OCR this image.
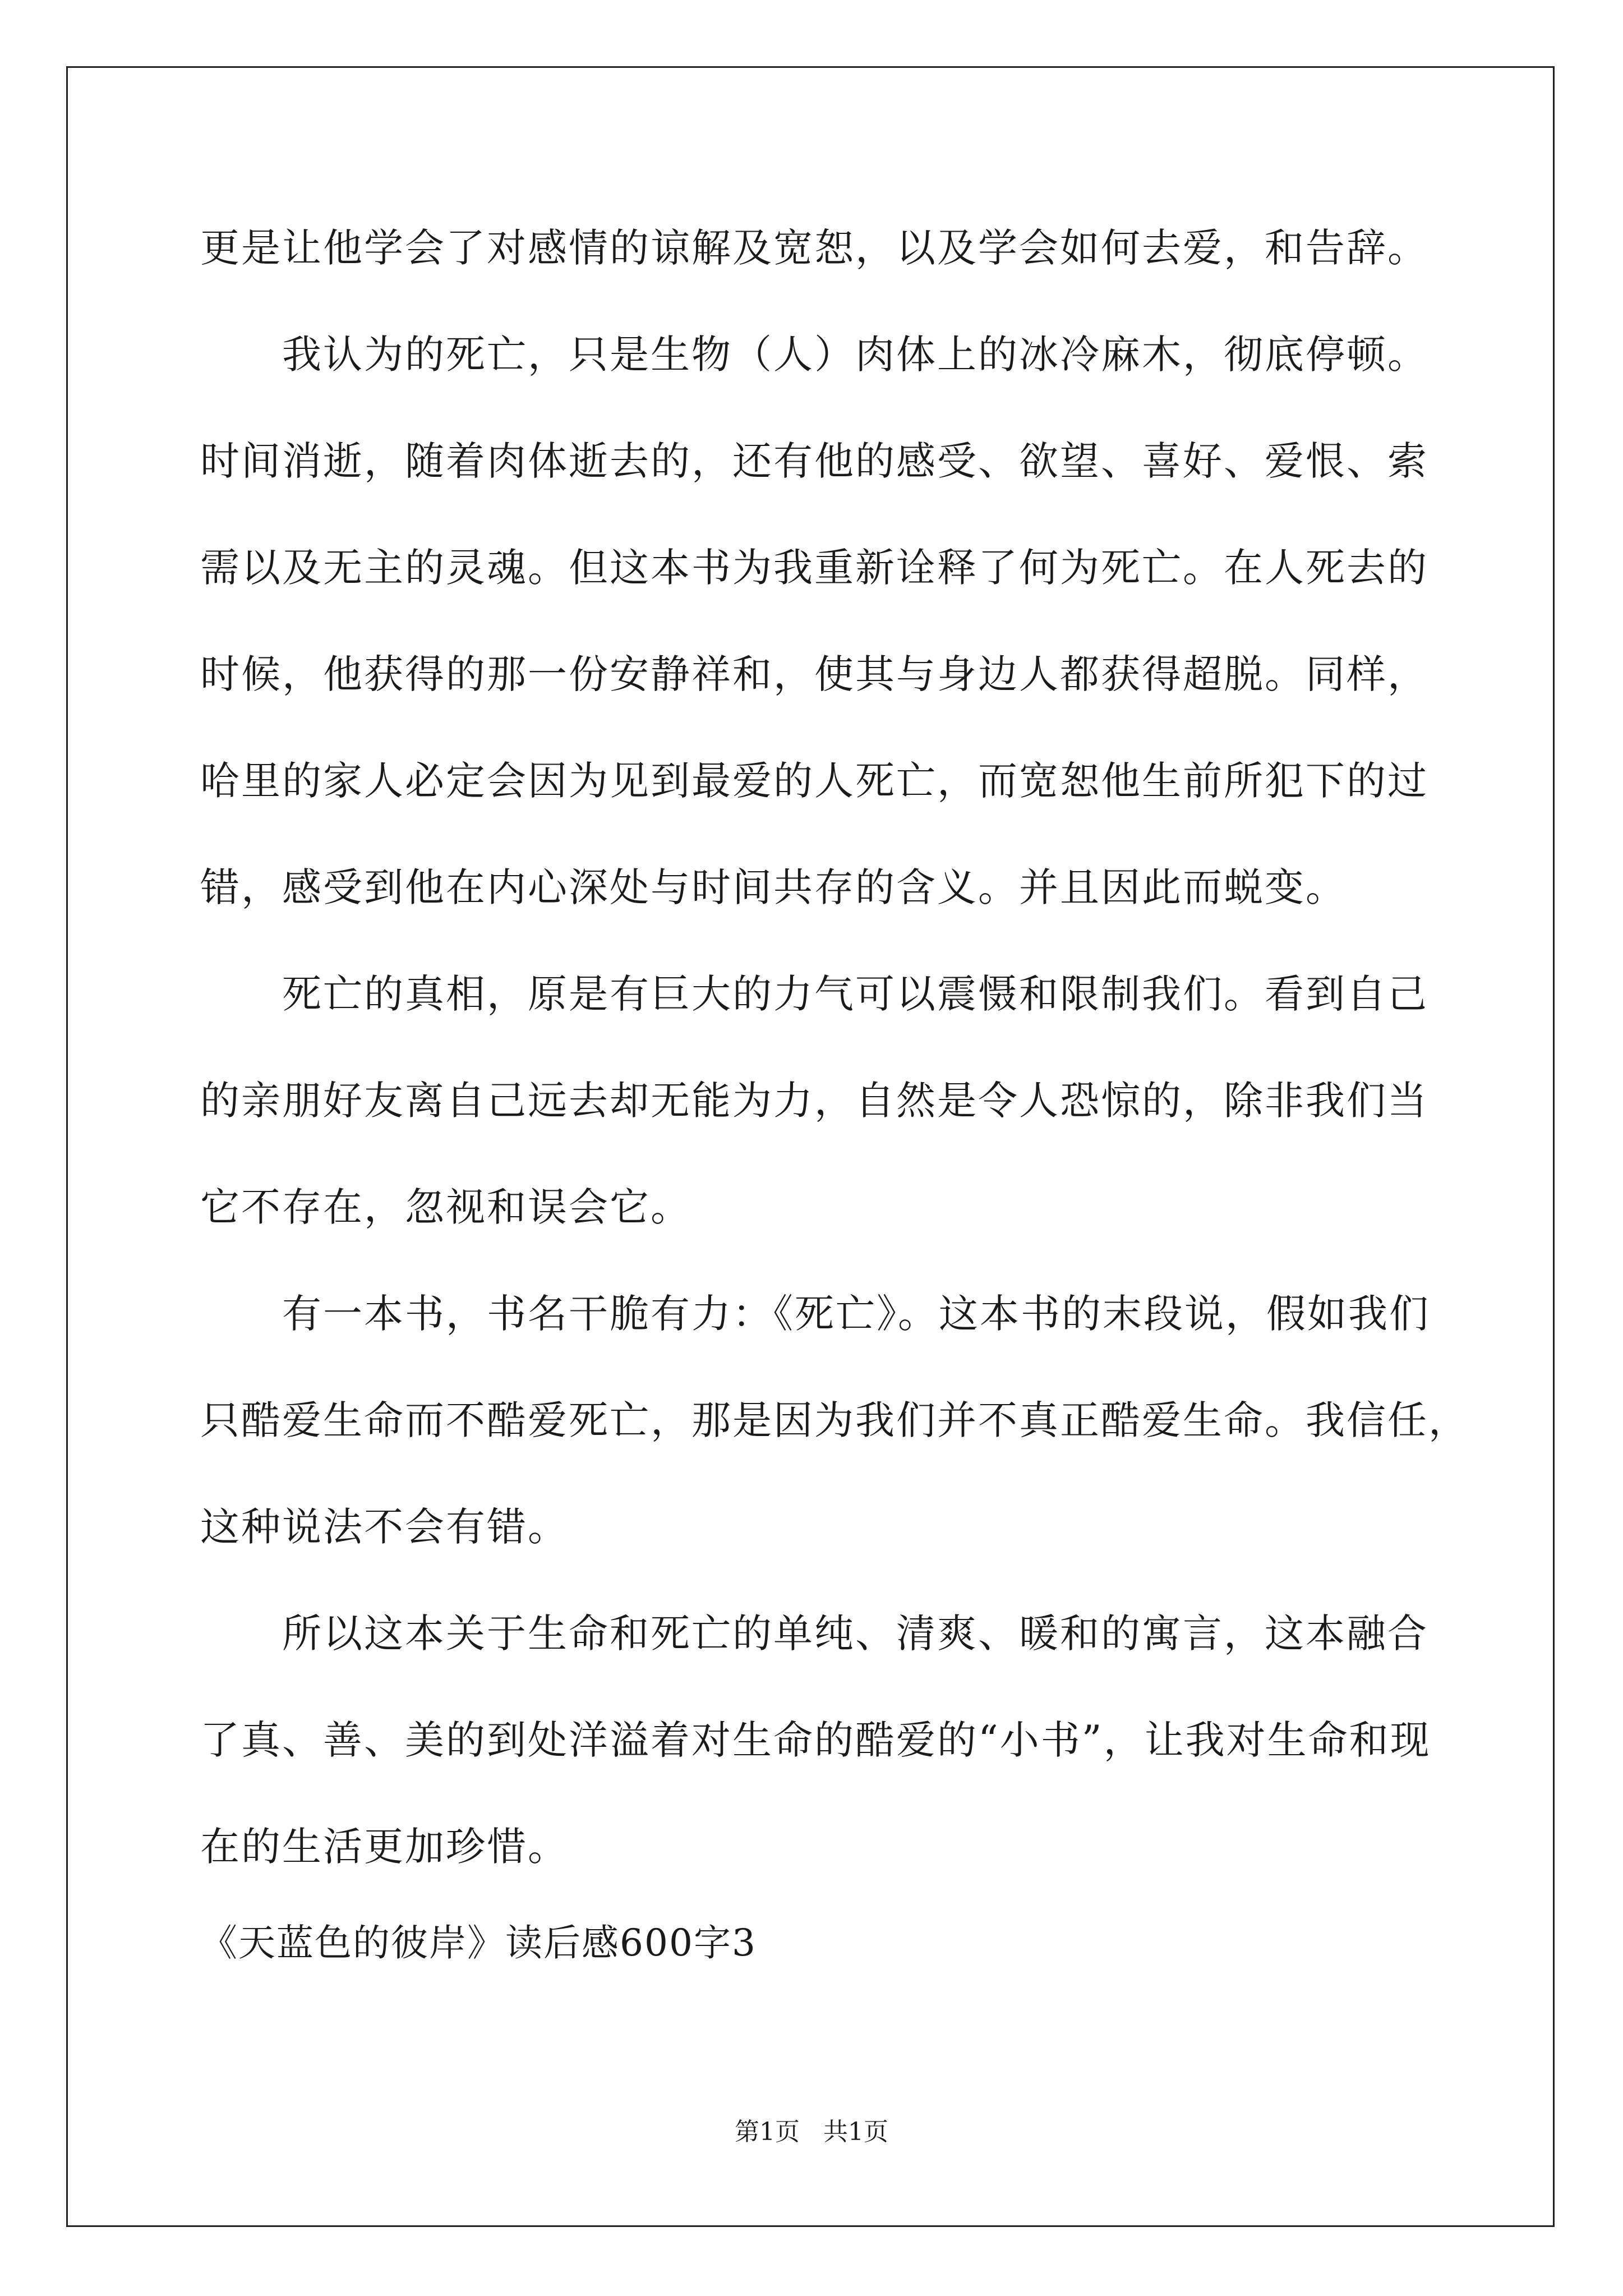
更是让他学会了对感情的谅解及宽恕，以及学会如何去爱，和告辞。
我认为的死亡，只是生物（人）肉体上的冰冷麻木，彻底停顿。
时间消逝，随着肉体逝去的，还有他的感受、欲望、喜好、爱恨、索
需以及无主的灵魂。但这本书为我重新诠释了何为死亡。在人死去的
时候，他获得的那一份安静祥和，使其与身边人都获得超脱。同样，
哈里的家人必定会因为见到最爱的人死亡，而宽恕他生前所犯下的过
错，感受到他在内心深处与时间共存的含义。并且因此而蜕变。
死亡的真相，原是有巨大的力气可以震慑和限制我们。看到自己
的亲朋好友离自己远去却无能为力，自然是令人恐惊的，除非我们当
它不存在，忽视和误会它。
有一本书，书名干脆有力：《死亡》。这本书的末段说，假如我们
只酷爱生命而不酷爱死亡，那是因为我们并不真正酷爱生命。我信任，
这种说法不会有错。
所以这本关于生命和死亡的单纯、清爽、暖和的寓言，这本融合
了真、善、美的到处洋溢着对生命的酷爱的“小书”，让我对生命和现
在的生活更加珍惜。
《天蓝色的彼岸》读后感600字3
第1页   共1页
